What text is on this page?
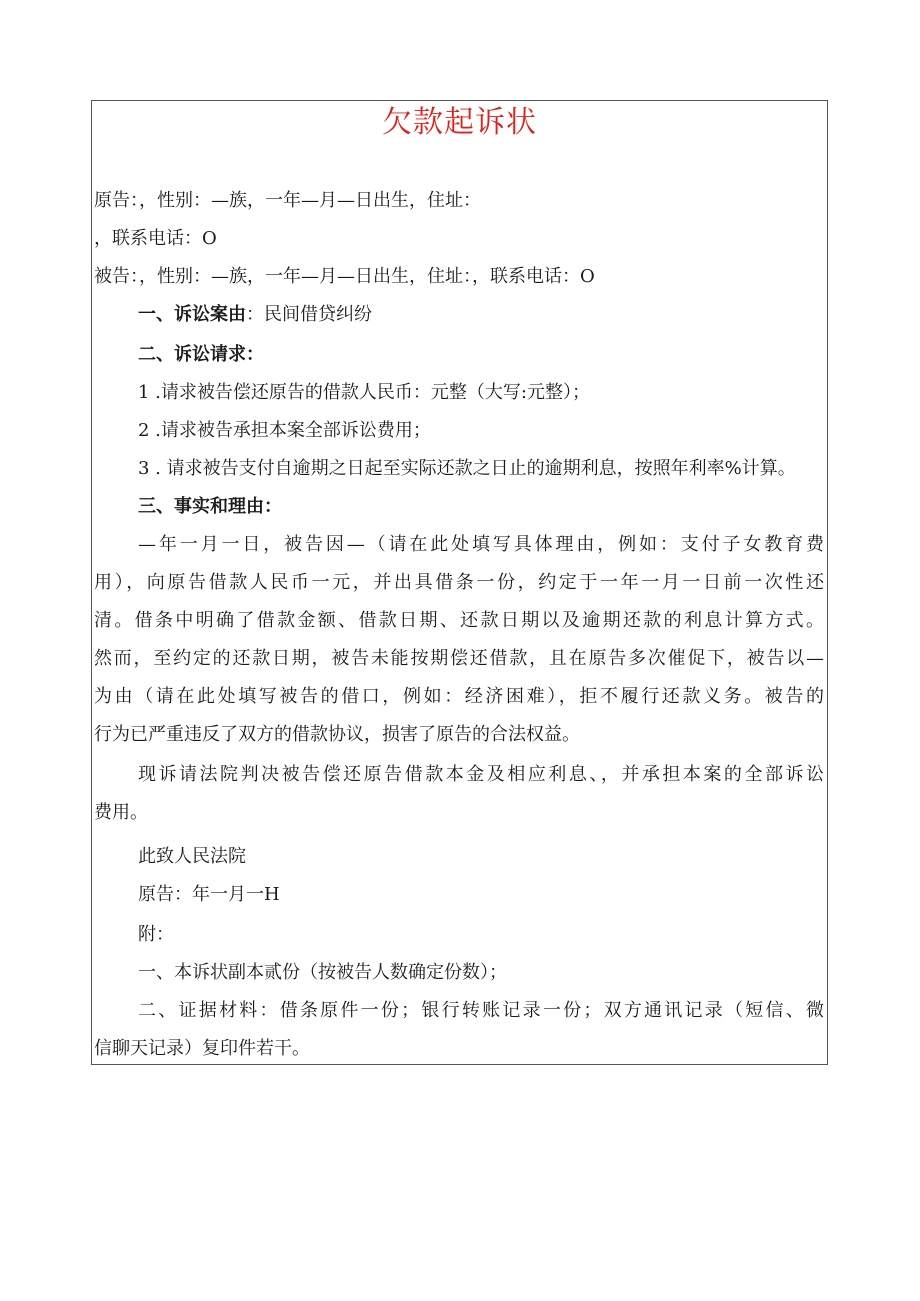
欠款起诉状
原告：，性别：—族，一年—月—日出生，住址：
，联系电话：O
被告：，性别：—族，一年—月—日出生，住址：，联系电话：O
一、诉讼案由：民间借贷纠纷
二、诉讼请求：
1 .请求被告偿还原告的借款人民币：元整（大写:元整）；
2 .请求被告承担本案全部诉讼费用；
3 . 请求被告支付自逾期之日起至实际还款之日止的逾期利息，按照年利率%计算。
三、事实和理由：
—年一月一日，被告因—（请在此处填写具体理由，例如：支付子女教育费
用），向原告借款人民币一元，并出具借条一份，约定于一年一月一日前一次性还
清。借条中明确了借款金额、借款日期、还款日期以及逾期还款的利息计算方式。
然而，至约定的还款日期，被告未能按期偿还借款，且在原告多次催促下，被告以—
为由（请在此处填写被告的借口，例如：经济困难），拒不履行还款义务。被告的
行为已严重违反了双方的借款协议，损害了原告的合法权益。
现诉请法院判决被告偿还原告借款本金及相应利息、，并承担本案的全部诉讼
费用。
此致人民法院
原告：年一月一H
附：
一、本诉状副本贰份（按被告人数确定份数）；
二、证据材料：借条原件一份；银行转账记录一份；双方通讯记录（短信、微
信聊天记录）复印件若干。
